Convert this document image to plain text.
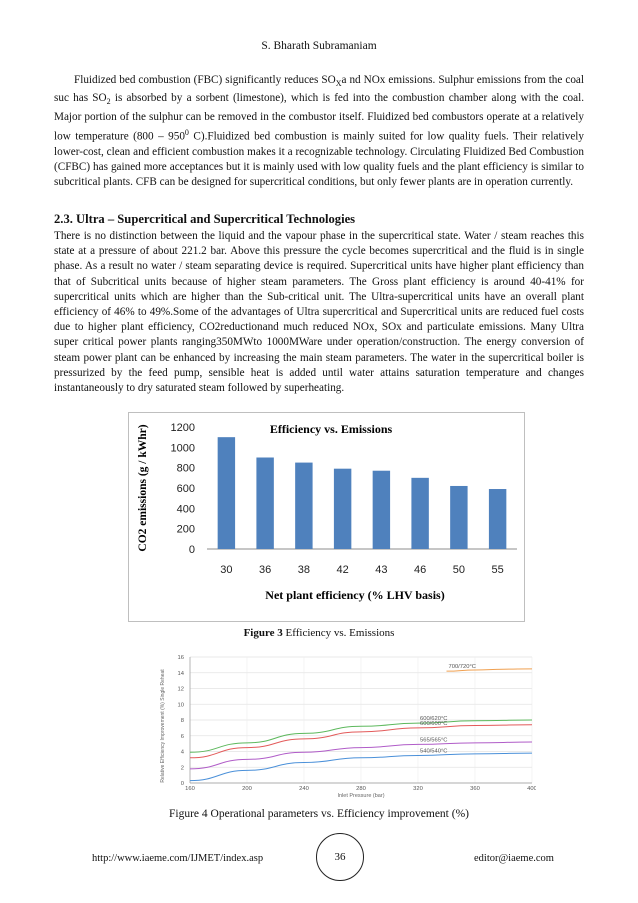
S. Bharath Subramaniam
Fluidized bed combustion (FBC) significantly reduces $SO_Xa$ nd NOx emissions. Sulphur emissions from the coal suc has $SO_2$ is absorbed by a sorbent (limestone), which is fed into the combustion chamber along with the coal. Major portion of the sulphur can be removed in the combustor itself. Fluidized bed combustors operate at a relatively low temperature ($800 - 950^0$ C).Fluidized bed combustion is mainly suited for low quality fuels. Their relatively lower-cost, clean and efficient combustion makes it a recognizable technology. Circulating Fluidized Bed Combustion (CFBC) has gained more acceptances but it is mainly used with low quality fuels and the plant efficiency is similar to subcritical plants. CFB can be designed for supercritical conditions, but only fewer plants are in operation currently.
2.3. Ultra – Supercritical and Supercritical Technologies
There is no distinction between the liquid and the vapour phase in the supercritical state. Water / steam reaches this state at a pressure of about 221.2 bar. Above this pressure the cycle becomes supercritical and the fluid is in single phase. As a result no water / steam separating device is required. Supercritical units have higher plant efficiency than that of Subcritical units because of higher steam parameters. The Gross plant efficiency is around 40-41% for supercritical units which are higher than the Sub-critical unit. The Ultra-supercritical units have an overall plant efficiency of 46% to 49%.Some of the advantages of Ultra supercritical and Supercritical units are reduced fuel costs due to higher plant efficiency, CO2reductionand much reduced NOx, SOx and particulate emissions. Many Ultra super critical power plants ranging350MWto 1000MWare under operation/construction. The energy conversion of steam power plant can be enhanced by increasing the main steam parameters. The water in the supercritical boiler is pressurized by the feed pump, sensible heat is added until water attains saturation temperature and changes instantaneously to dry saturated steam followed by superheating.
0
200
400
600
800
1000
1200
30 36 38 42 43 46 50 55
Efficiency vs. Emissions
Net plant efficiency (% LHV basis)
CO2 emissions (g / kWhr)
Figure 3 Efficiency vs. Emissions
700/720°C
600/620°C
600/600°C
565/565°C
540/540°C
0
2
4
6
8
10
12
14
16
160	200	240	280	320	360	400
Inlet Pressure (bar)
Relative Efficiency Improvement (%) Single Reheat
Figure 4 Operational parameters vs. Efficiency improvement (%)
http://www.iaeme.com/IJMET/index.asp	36	editor@iaeme.com
